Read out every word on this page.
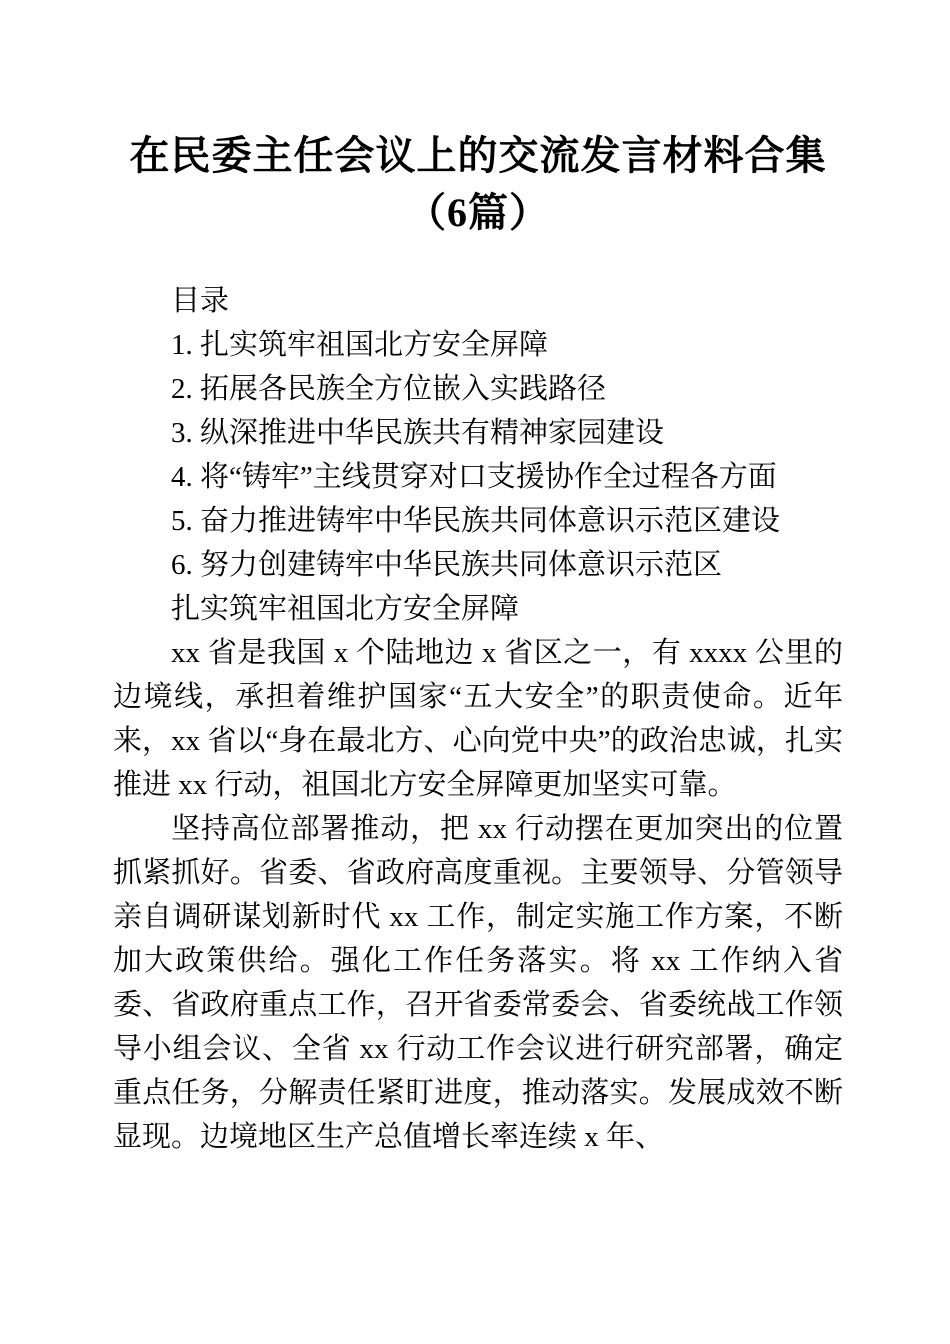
在民委主任会议上的交流发言材料合集（6篇）

目录

1. 扎实筑牢祖国北方安全屏障

2. 拓展各民族全方位嵌入实践路径

3. 纵深推进中华民族共有精神家园建设

4. 将“铸牢”主线贯穿对口支援协作全过程各方面

5. 奋力推进铸牢中华民族共同体意识示范区建设

6. 努力创建铸牢中华民族共同体意识示范区

扎实筑牢祖国北方安全屏障

xx 省是我国 x 个陆地边 x 省区之一，有 xxxx 公里的边境线，承担着维护国家“五大安全”的职责使命。近年来，xx 省以“身在最北方、心向党中央”的政治忠诚，扎实推进 xx 行动，祖国北方安全屏障更加坚实可靠。

坚持高位部署推动，把 xx 行动摆在更加突出的位置抓紧抓好。省委、省政府高度重视。主要领导、分管领导亲自调研谋划新时代 xx 工作，制定实施工作方案，不断加大政策供给。强化工作任务落实。将 xx 工作纳入省委、省政府重点工作，召开省委常委会、省委统战工作领导小组会议、全省 xx 行动工作会议进行研究部署，确定重点任务，分解责任紧盯进度，推动落实。发展成效不断显现。边境地区生产总值增长率连续 x 年、
